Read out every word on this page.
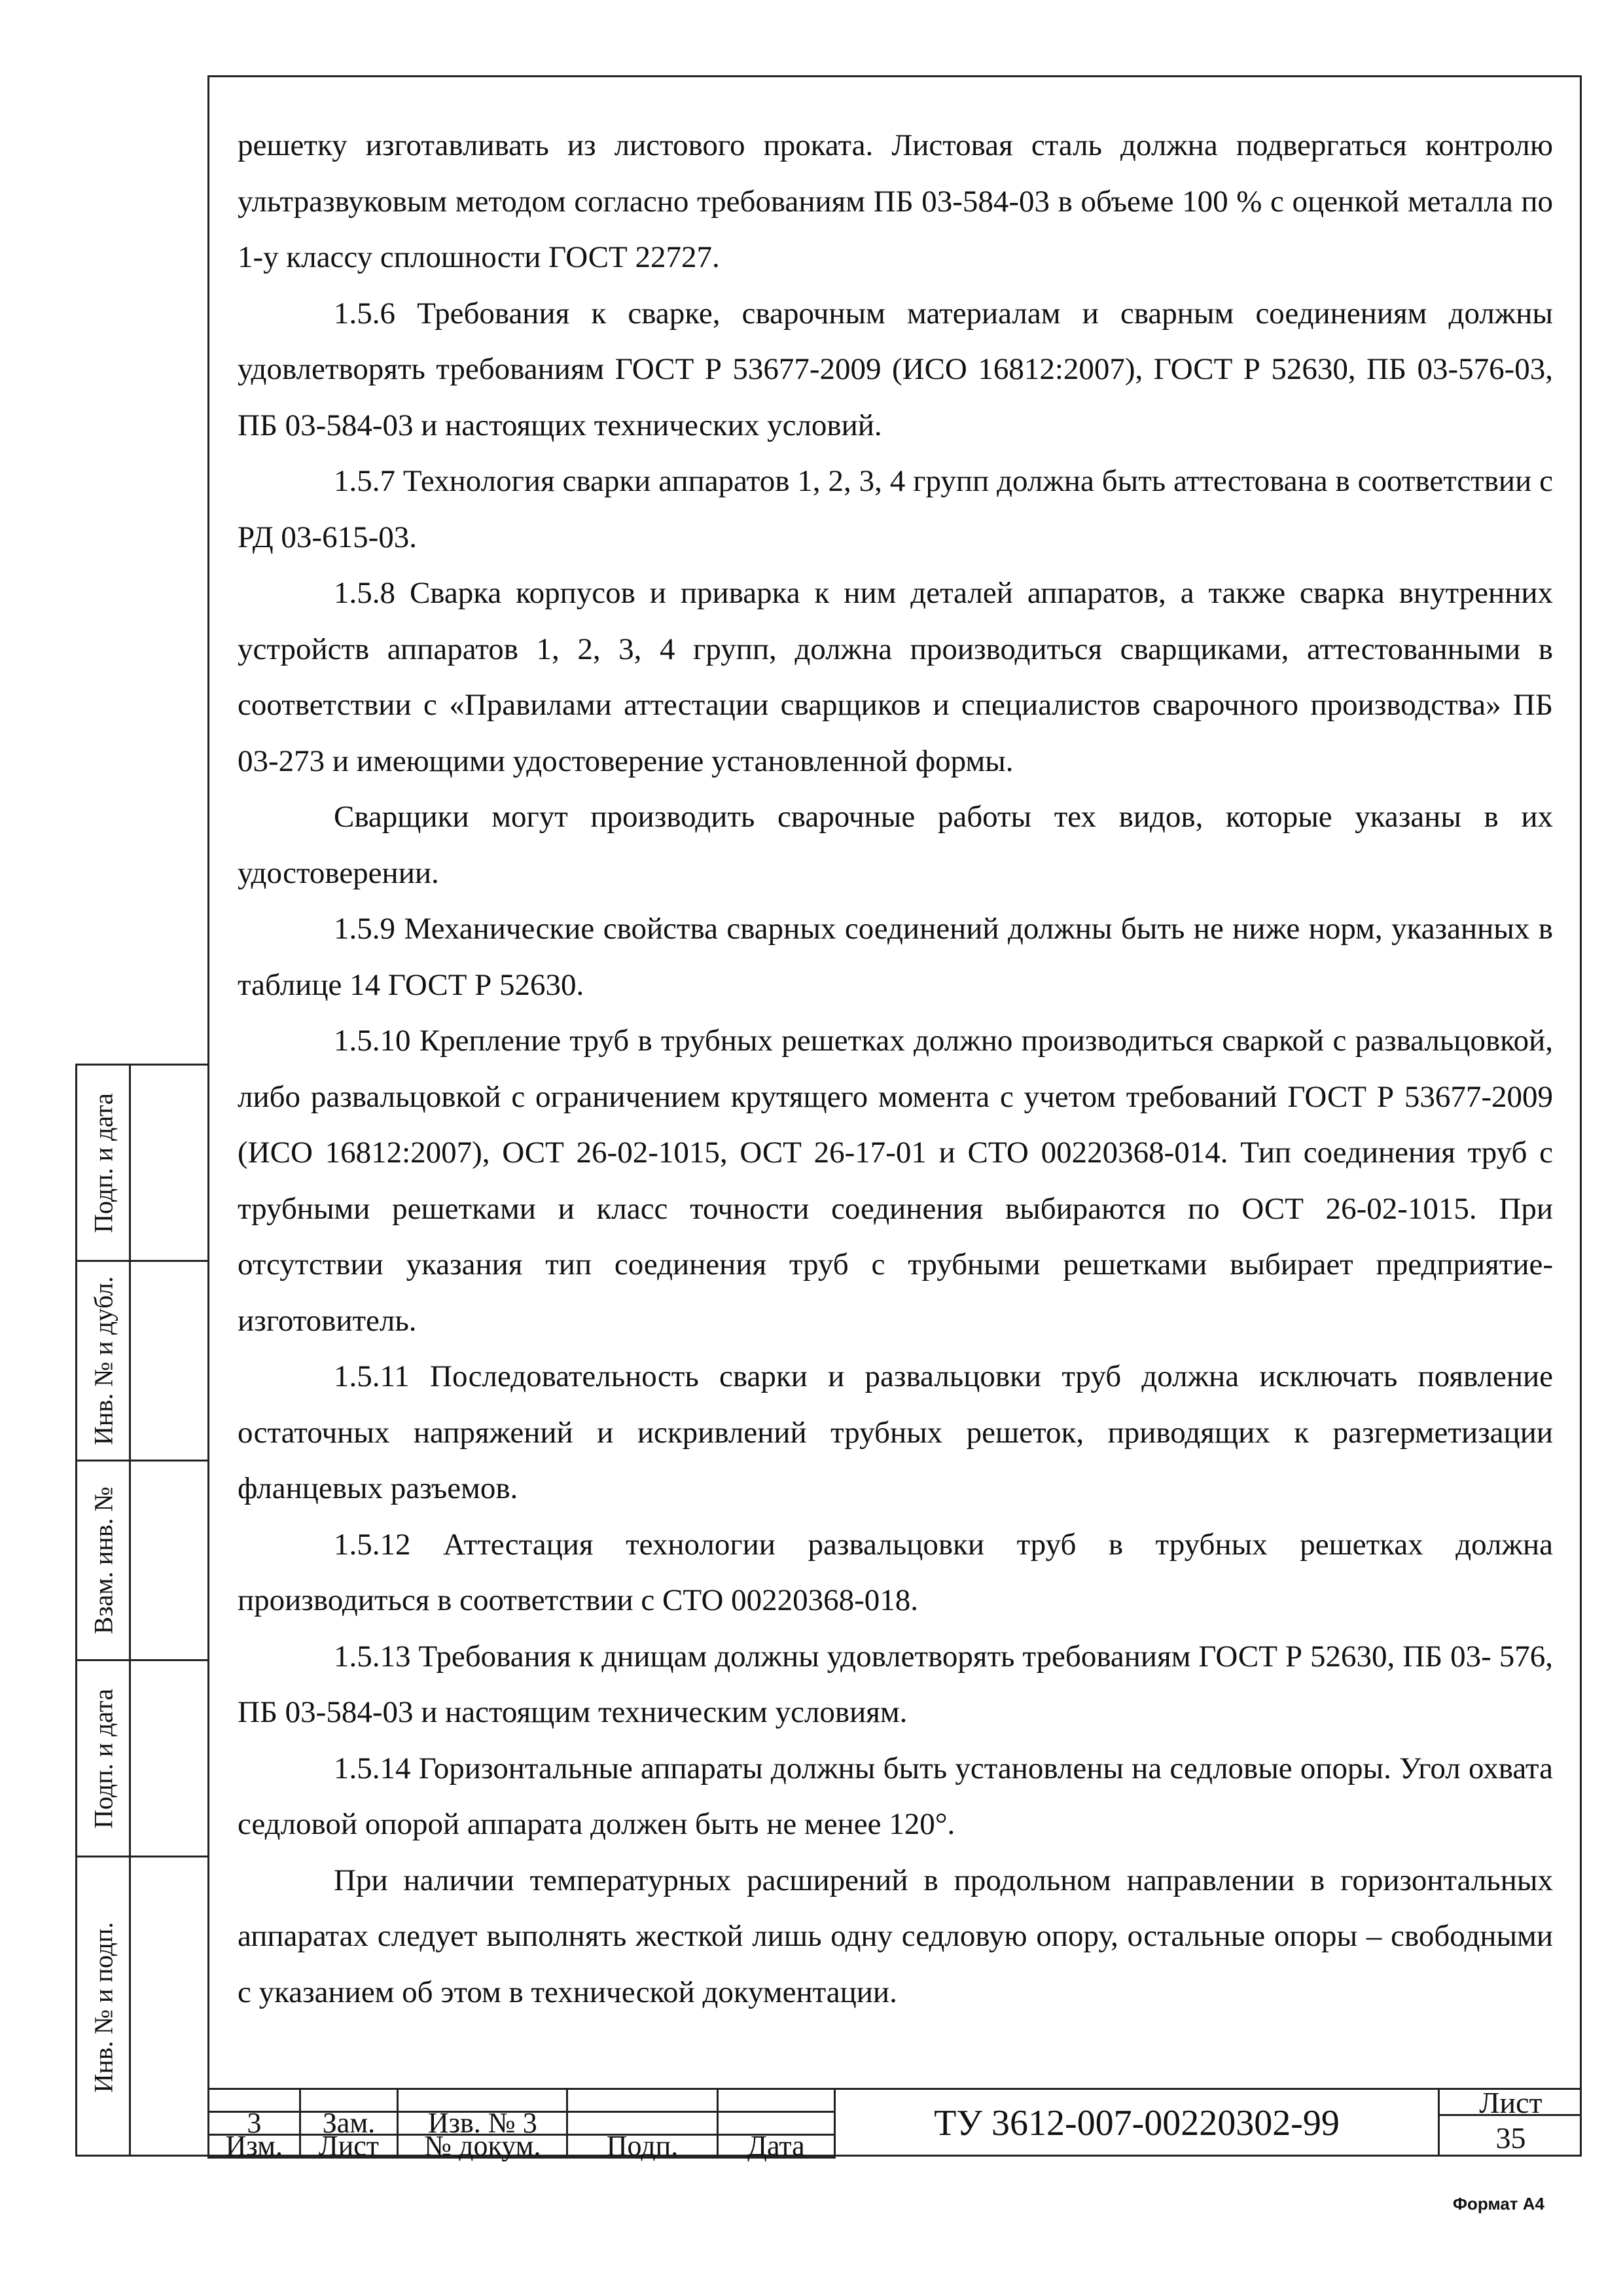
решетку изготавливать из листового проката. Листовая сталь должна подвергаться контролю ультразвуковым методом согласно требованиям ПБ 03-584-03 в объеме 100 % с оценкой металла по 1-у классу сплошности ГОСТ 22727.

1.5.6 Требования к сварке, сварочным материалам и сварным соединениям должны удовлетворять требованиям ГОСТ Р 53677-2009 (ИСО 16812:2007), ГОСТ Р 52630, ПБ 03-576-03, ПБ 03-584-03 и настоящих технических условий.

1.5.7 Технология сварки аппаратов 1, 2, 3, 4 групп должна быть аттестована в соответствии с РД 03-615-03.

1.5.8 Сварка корпусов и приварка к ним деталей аппаратов, а также сварка внутренних устройств аппаратов 1, 2, 3, 4 групп, должна производиться сварщиками, аттестованными в соответствии с «Правилами аттестации сварщиков и специалистов сварочного производства» ПБ 03-273 и имеющими удостоверение установленной формы.

Сварщики могут производить сварочные работы тех видов, которые указаны в их удостоверении.

1.5.9 Механические свойства сварных соединений должны быть не ниже норм, указанных в таблице 14 ГОСТ Р 52630.

1.5.10 Крепление труб в трубных решетках должно производиться сваркой с развальцовкой, либо развальцовкой с ограничением крутящего момента с учетом требований ГОСТ Р 53677-2009 (ИСО 16812:2007), ОСТ 26-02-1015, ОСТ 26-17-01 и СТО 00220368-014. Тип соединения труб с трубными решетками и класс точности соединения выбираются по ОСТ 26-02-1015. При отсутствии указания тип соединения труб с трубными решетками выбирает предприятие-изготовитель.

1.5.11 Последовательность сварки и развальцовки труб должна исключать появление остаточных напряжений и искривлений трубных решеток, приводящих к разгерметизации фланцевых разъемов.

1.5.12 Аттестация технологии развальцовки труб в трубных решетках должна производиться в соответствии с СТО 00220368-018.

1.5.13 Требования к днищам должны удовлетворять требованиям ГОСТ Р 52630, ПБ 03- 576, ПБ 03-584-03 и настоящим техническим условиям.

1.5.14 Горизонтальные аппараты должны быть установлены на седловые опоры. Угол охвата седловой опорой аппарата должен быть не менее 120°.

При наличии температурных расширений в продольном направлении в горизонтальных аппаратах следует выполнять жесткой лишь одну седловую опору, остальные опоры – свободными с указанием об этом в технической документации.

Подп. и дата
Инв. № и дубл.
Взам. инв. №
Подп. и дата
Инв. № и подп.

3	Зам.	Изв. № 3		
Изм.	Лист	№ докум.	Подп.	Дата
ТУ 3612-007-00220302-99
Лист
35
Формат А4
